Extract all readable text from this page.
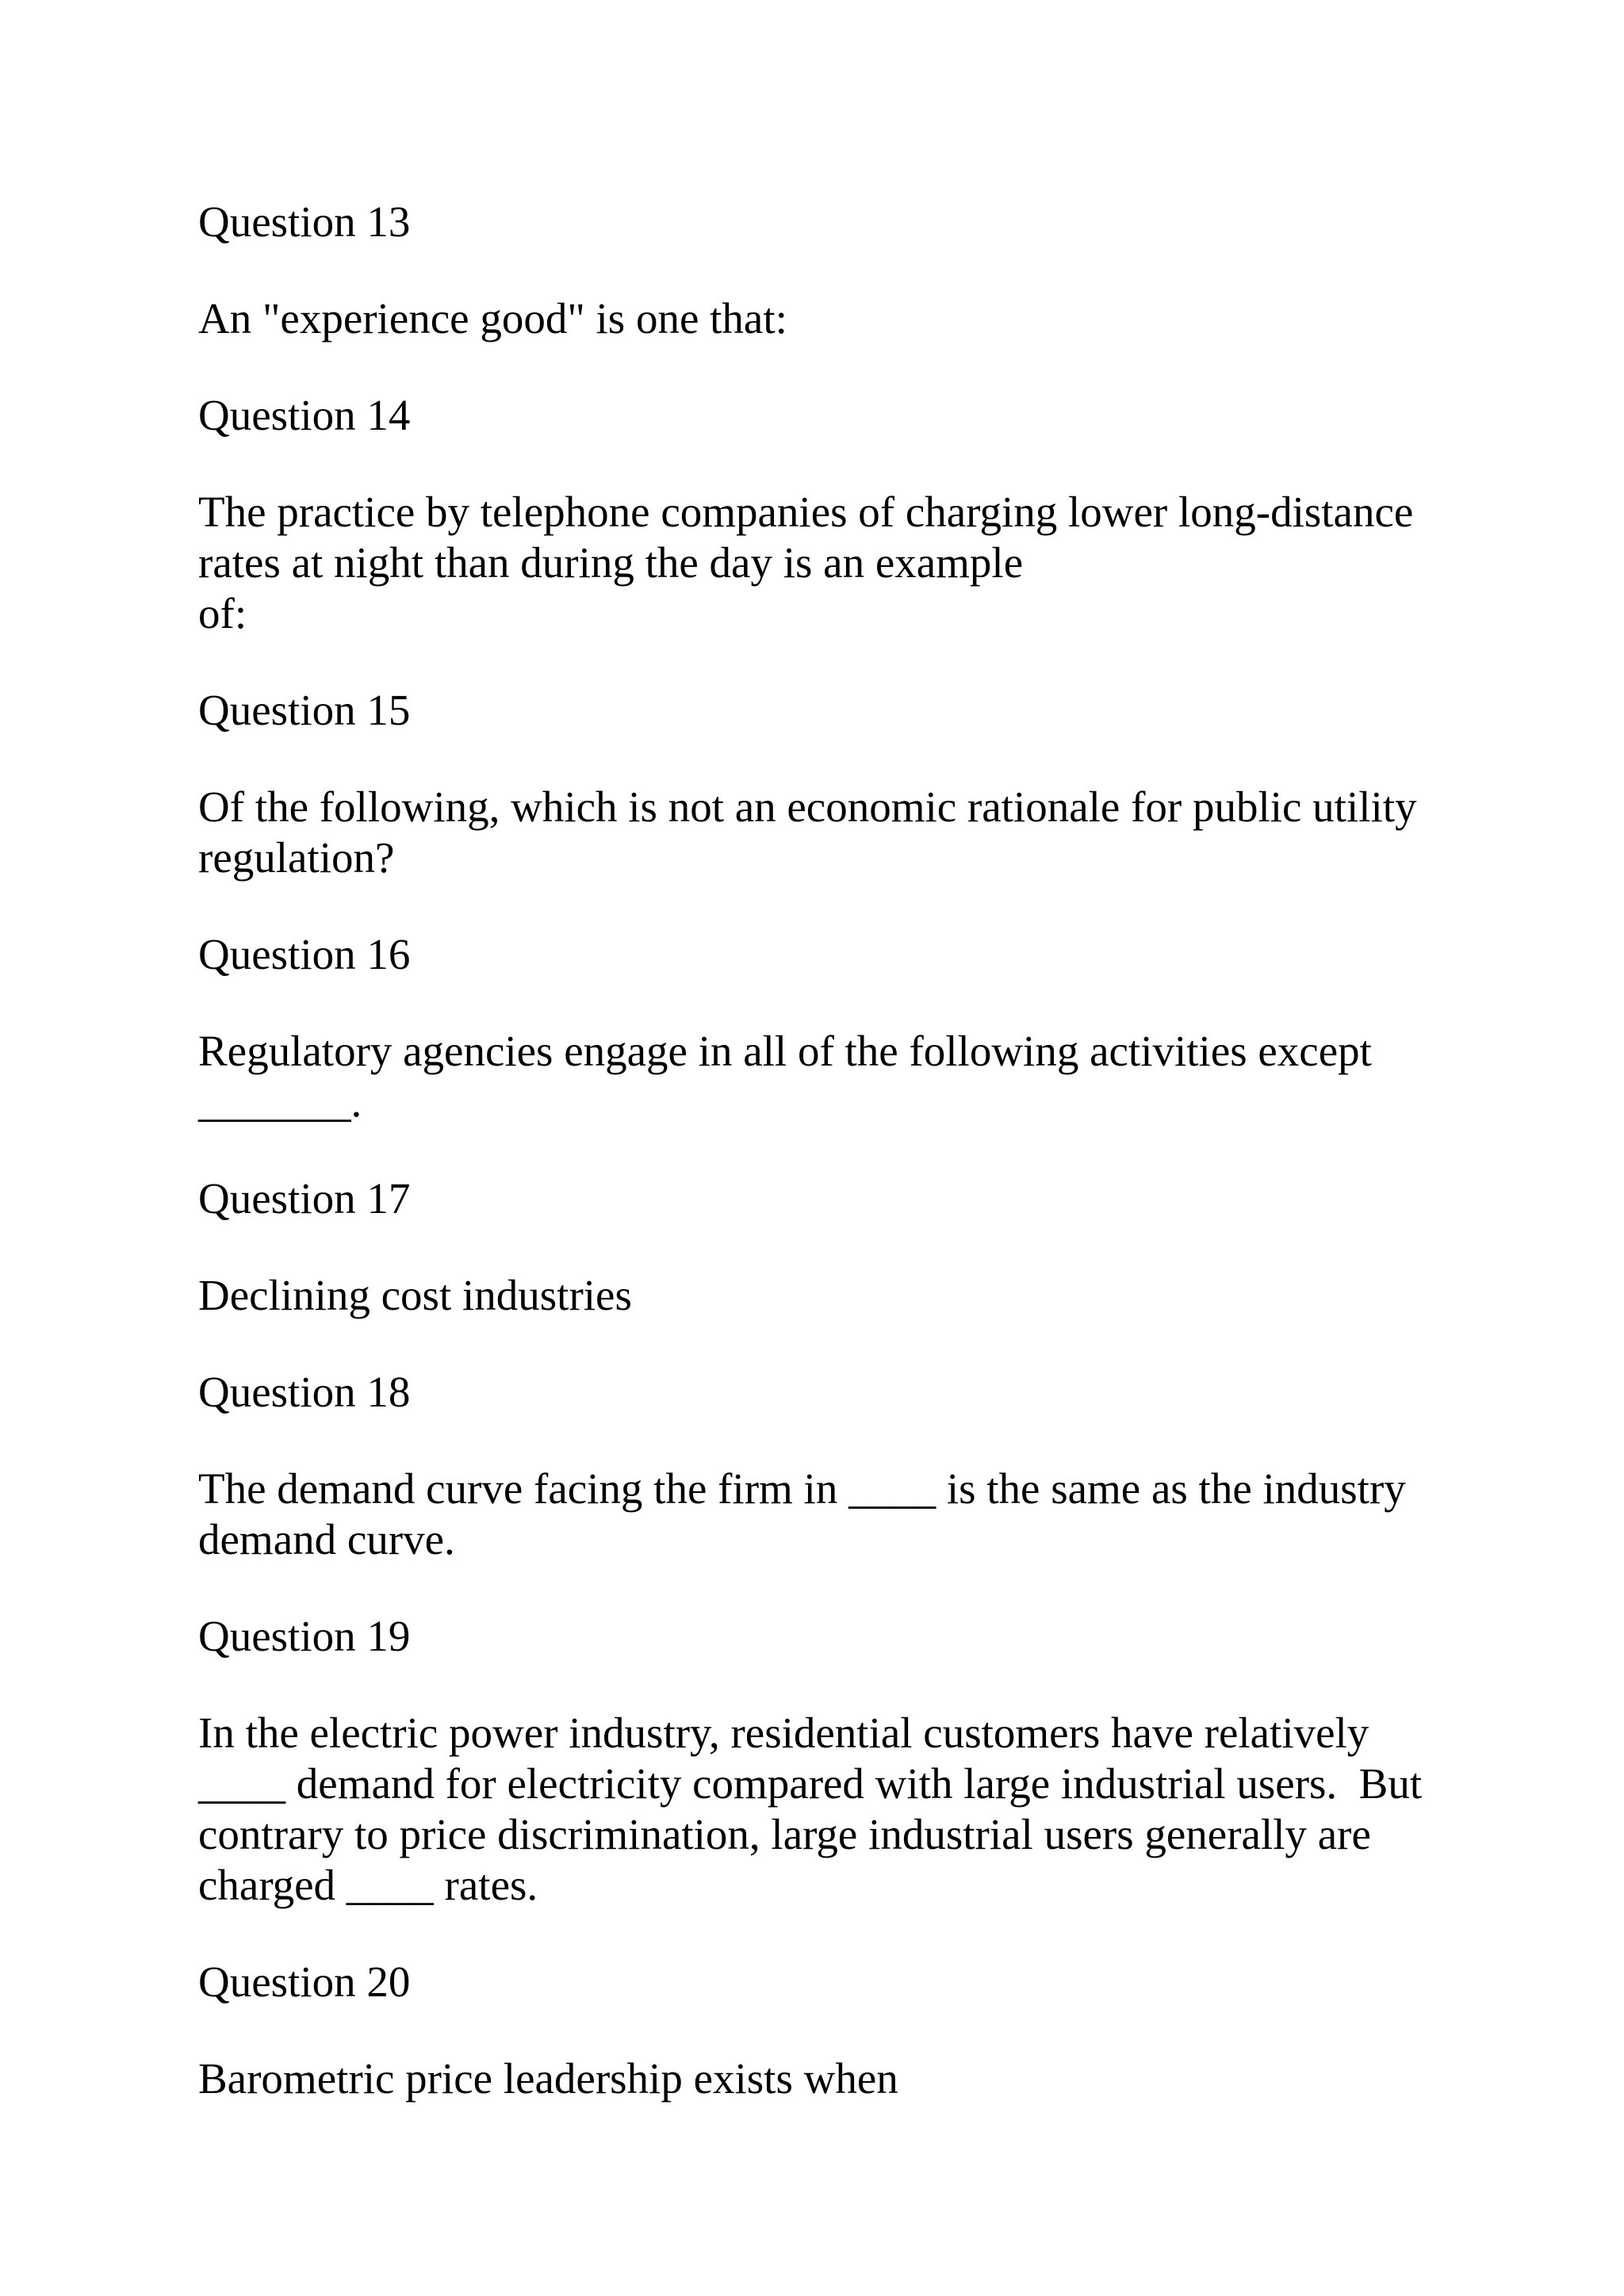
Question 13

An "experience good" is one that:

Question 14

The practice by telephone companies of charging lower long-distance

rates at night than during the day is an example

of:

Question 15

Of the following, which is not an economic rationale for public utility

regulation?

Question 16

Regulatory agencies engage in all of the following activities except

_______.

Question 17

Declining cost industries

Question 18

The demand curve facing the firm in ____ is the same as the industry

demand curve.

Question 19

In the electric power industry, residential customers have relatively

____ demand for electricity compared with large industrial users.  But

contrary to price discrimination, large industrial users generally are

charged ____ rates.

Question 20

Barometric price leadership exists when
